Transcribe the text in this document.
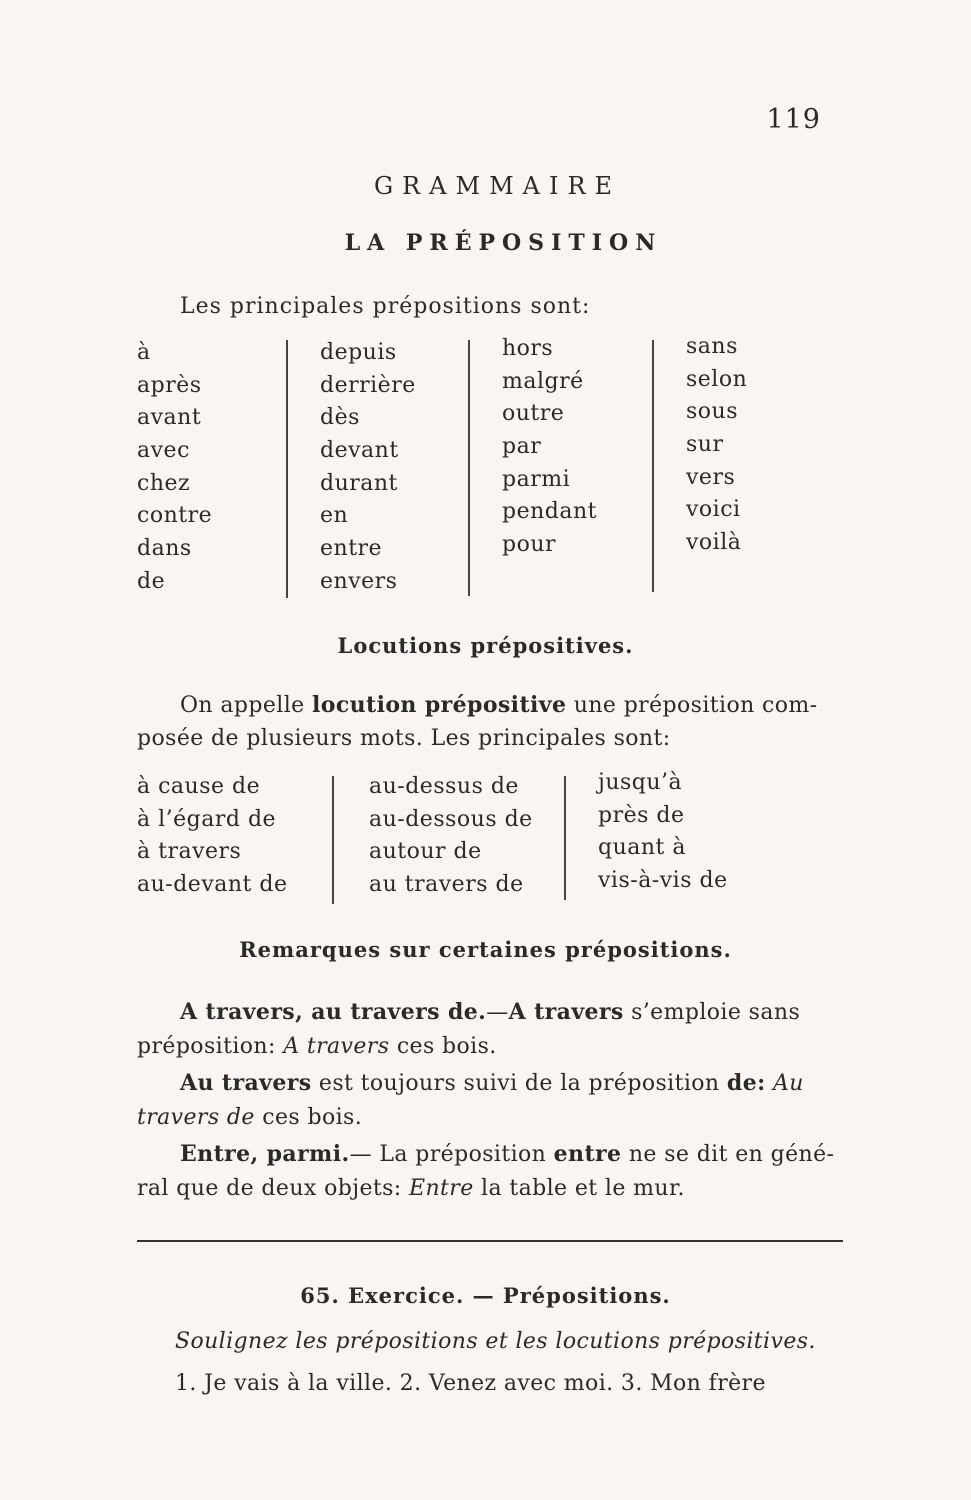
119
GRAMMAIRE
LA PRÉPOSITION
Les principales prépositions sont:
à
après
avant
avec
chez
contre
dans
de
depuis
derrière
dès
devant
durant
en
entre
envers
hors
malgré
outre
par
parmi
pendant
pour
sans
selon
sous
sur
vers
voici
voilà
Locutions prépositives.
On appelle locution prépositive une préposition com-
posée de plusieurs mots. Les principales sont:
à cause de
à l’égard de
à travers
au-devant de
au-dessus de
au-dessous de
autour de
au travers de
jusqu’à
près de
quant à
vis-à-vis de
Remarques sur certaines prépositions.
A travers, au travers de.—A travers s’emploie sans
préposition: A travers ces bois.
Au travers est toujours suivi de la préposition de: Au
travers de ces bois.
Entre, parmi.— La préposition entre ne se dit en géné-
ral que de deux objets: Entre la table et le mur.
65. Exercice. — Prépositions.
Soulignez les prépositions et les locutions prépositives.
1. Je vais à la ville. 2. Venez avec moi. 3. Mon frère
